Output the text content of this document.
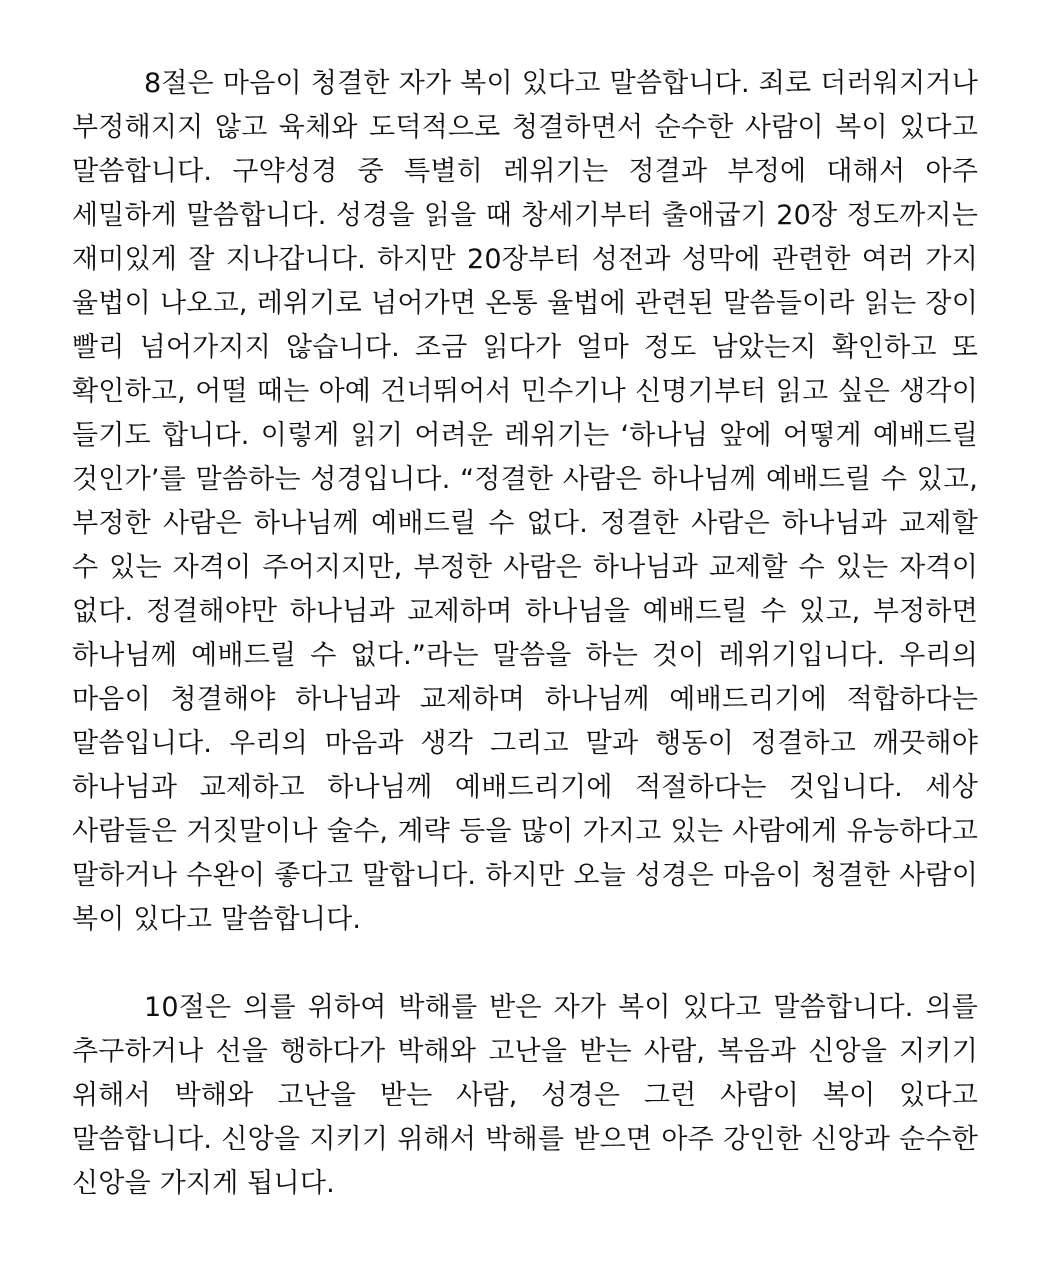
8절은 마음이 청결한 자가 복이 있다고 말씀합니다. 죄로 더러워지거나 부정해지지 않고 육체와 도덕적으로 청결하면서 순수한 사람이 복이 있다고 말씀합니다. 구약성경 중 특별히 레위기는 정결과 부정에 대해서 아주 세밀하게 말씀합니다. 성경을 읽을 때 창세기부터 출애굽기 20장 정도까지는 재미있게 잘 지나갑니다. 하지만 20장부터 성전과 성막에 관련한 여러 가지 율법이 나오고, 레위기로 넘어가면 온통 율법에 관련된 말씀들이라 읽는 장이 빨리 넘어가지지 않습니다. 조금 읽다가 얼마 정도 남았는지 확인하고 또 확인하고, 어떨 때는 아예 건너뛰어서 민수기나 신명기부터 읽고 싶은 생각이 들기도 합니다. 이렇게 읽기 어려운 레위기는 ‘하나님 앞에 어떻게 예배드릴 것인가’를 말씀하는 성경입니다. “정결한 사람은 하나님께 예배드릴 수 있고, 부정한 사람은 하나님께 예배드릴 수 없다. 정결한 사람은 하나님과 교제할 수 있는 자격이 주어지지만, 부정한 사람은 하나님과 교제할 수 있는 자격이 없다. 정결해야만 하나님과 교제하며 하나님을 예배드릴 수 있고, 부정하면 하나님께 예배드릴 수 없다.”라는 말씀을 하는 것이 레위기입니다. 우리의 마음이 청결해야 하나님과 교제하며 하나님께 예배드리기에 적합하다는 말씀입니다. 우리의 마음과 생각 그리고 말과 행동이 정결하고 깨끗해야 하나님과 교제하고 하나님께 예배드리기에 적절하다는 것입니다. 세상 사람들은 거짓말이나 술수, 계략 등을 많이 가지고 있는 사람에게 유능하다고 말하거나 수완이 좋다고 말합니다. 하지만 오늘 성경은 마음이 청결한 사람이 복이 있다고 말씀합니다.

10절은 의를 위하여 박해를 받은 자가 복이 있다고 말씀합니다. 의를 추구하거나 선을 행하다가 박해와 고난을 받는 사람, 복음과 신앙을 지키기 위해서 박해와 고난을 받는 사람, 성경은 그런 사람이 복이 있다고 말씀합니다. 신앙을 지키기 위해서 박해를 받으면 아주 강인한 신앙과 순수한 신앙을 가지게 됩니다.
